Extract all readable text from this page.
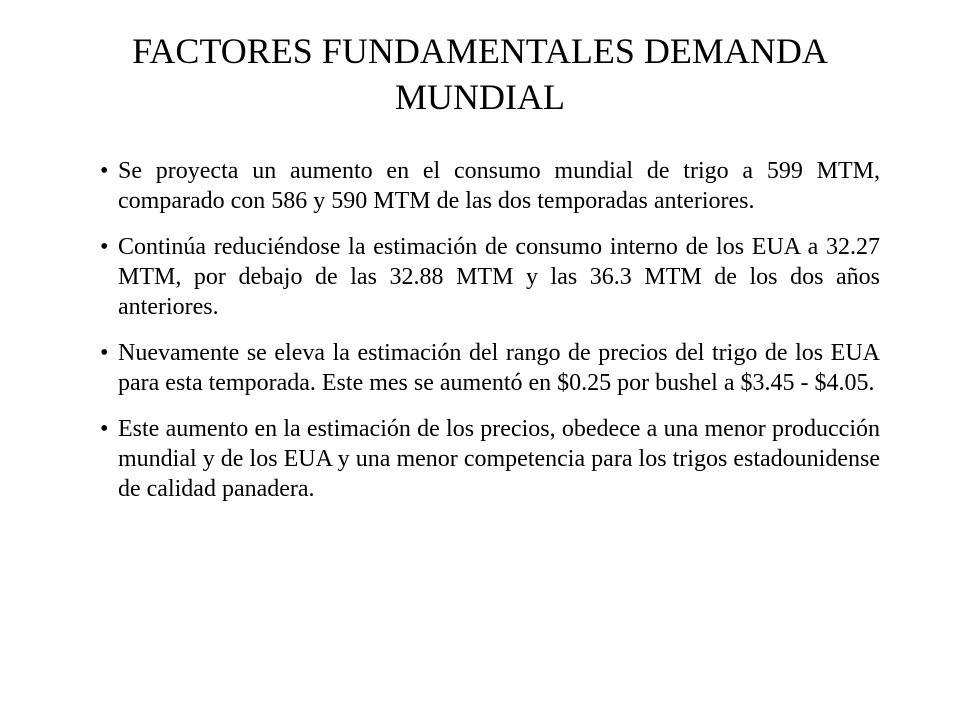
FACTORES FUNDAMENTALES DEMANDA
MUNDIAL
• Se proyecta un aumento en el consumo mundial de trigo a 599 MTM, comparado con 586 y 590 MTM de las dos temporadas anteriores.
• Continúa reduciéndose la estimación de consumo interno de los EUA a 32.27 MTM, por debajo de las 32.88 MTM y las 36.3 MTM de los dos años anteriores.
• Nuevamente se eleva la estimación del rango de precios del trigo de los EUA para esta temporada. Este mes se aumentó en $0.25 por bushel a $3.45 - $4.05.
• Este aumento en la estimación de los precios, obedece a una menor producción mundial y de los EUA y una menor competencia para los trigos estadounidense de calidad panadera.
